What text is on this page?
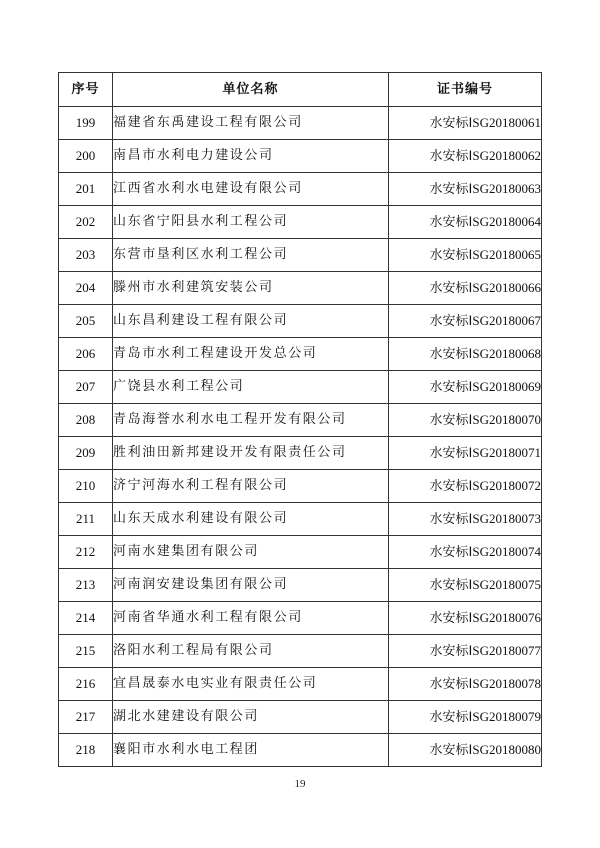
序号	单位名称	证书编号
199	福建省东禹建设工程有限公司	水安标ⅠSG20180061
200	南昌市水利电力建设公司	水安标ⅠSG20180062
201	江西省水利水电建设有限公司	水安标ⅠSG20180063
202	山东省宁阳县水利工程公司	水安标ⅠSG20180064
203	东营市垦利区水利工程公司	水安标ⅠSG20180065
204	滕州市水利建筑安装公司	水安标ⅠSG20180066
205	山东昌利建设工程有限公司	水安标ⅠSG20180067
206	青岛市水利工程建设开发总公司	水安标ⅠSG20180068
207	广饶县水利工程公司	水安标ⅠSG20180069
208	青岛海誉水利水电工程开发有限公司	水安标ⅠSG20180070
209	胜利油田新邦建设开发有限责任公司	水安标ⅠSG20180071
210	济宁河海水利工程有限公司	水安标ⅠSG20180072
211	山东天成水利建设有限公司	水安标ⅠSG20180073
212	河南水建集团有限公司	水安标ⅠSG20180074
213	河南润安建设集团有限公司	水安标ⅠSG20180075
214	河南省华通水利工程有限公司	水安标ⅠSG20180076
215	洛阳水利工程局有限公司	水安标ⅠSG20180077
216	宜昌晟泰水电实业有限责任公司	水安标ⅠSG20180078
217	湖北水建建设有限公司	水安标ⅠSG20180079
218	襄阳市水利水电工程团	水安标ⅠSG20180080
19
